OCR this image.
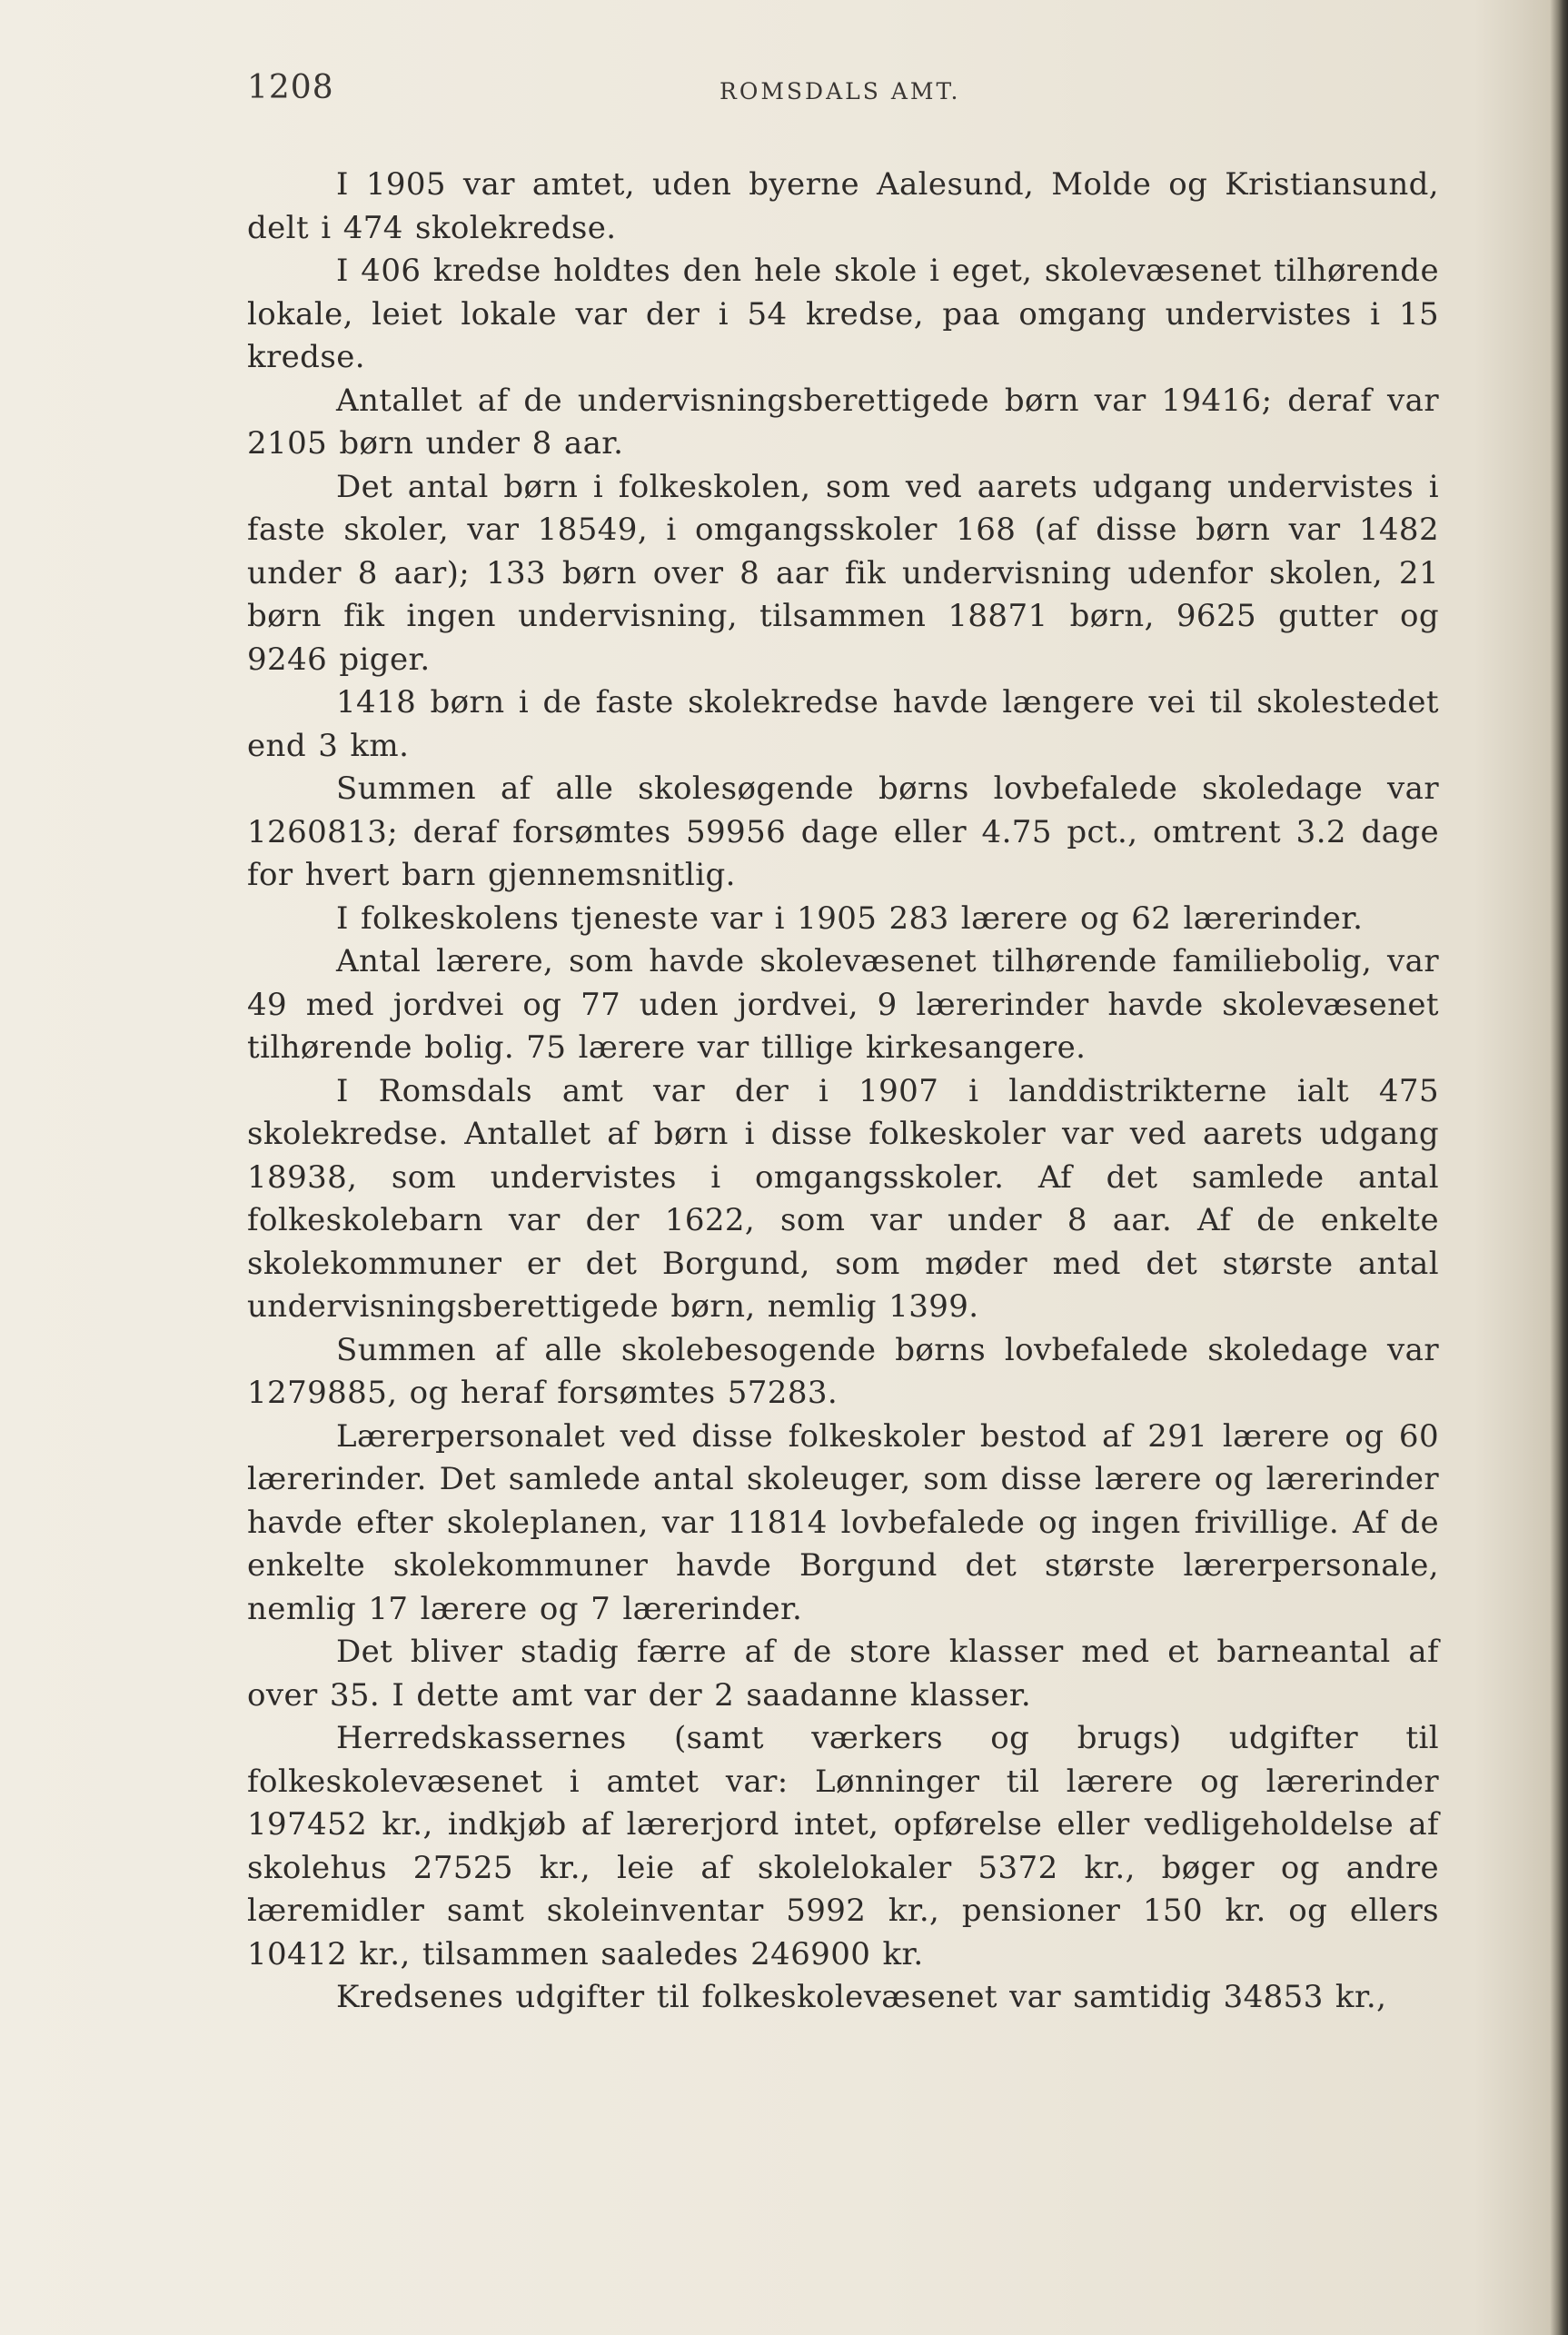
1208	ROMSDALS AMT.

I 1905 var amtet, uden byerne Aalesund, Molde og Kristiansund, delt i 474 skolekredse.

I 406 kredse holdtes den hele skole i eget, skolevæsenet tilhørende lokale, leiet lokale var der i 54 kredse, paa omgang undervistes i 15 kredse.

Antallet af de undervisningsberettigede børn var 19416; deraf var 2105 børn under 8 aar.

Det antal børn i folkeskolen, som ved aarets udgang undervistes i faste skoler, var 18549, i omgangsskoler 168 (af disse børn var 1482 under 8 aar); 133 børn over 8 aar fik undervisning udenfor skolen, 21 børn fik ingen undervisning, tilsammen 18871 børn, 9625 gutter og 9246 piger.

1418 børn i de faste skolekredse havde længere vei til skolestedet end 3 km.

Summen af alle skolesøgende børns lovbefalede skoledage var 1260813; deraf forsømtes 59956 dage eller 4.75 pct., omtrent 3.2 dage for hvert barn gjennemsnitlig.

I folkeskolens tjeneste var i 1905 283 lærere og 62 lærerinder.

Antal lærere, som havde skolevæsenet tilhørende familiebolig, var 49 med jordvei og 77 uden jordvei, 9 lærerinder havde skolevæsenet tilhørende bolig. 75 lærere var tillige kirkesangere.

I Romsdals amt var der i 1907 i landdistrikterne ialt 475 skolekredse. Antallet af børn i disse folkeskoler var ved aarets udgang 18938, som undervistes i omgangsskoler. Af det samlede antal folkeskolebarn var der 1622, som var under 8 aar. Af de enkelte skolekommuner er det Borgund, som møder med det største antal undervisningsberettigede børn, nemlig 1399.

Summen af alle skolebesogende børns lovbefalede skoledage var 1279885, og heraf forsømtes 57283.

Lærerpersonalet ved disse folkeskoler bestod af 291 lærere og 60 lærerinder. Det samlede antal skoleuger, som disse lærere og lærerinder havde efter skoleplanen, var 11814 lovbefalede og ingen frivillige. Af de enkelte skolekommuner havde Borgund det største lærerpersonale, nemlig 17 lærere og 7 lærerinder.

Det bliver stadig færre af de store klasser med et barneantal af over 35. I dette amt var der 2 saadanne klasser.

Herredskassernes (samt værkers og brugs) udgifter til folkeskolevæsenet i amtet var: Lønninger til lærere og lærerinder 197452 kr., indkjøb af lærerjord intet, opførelse eller vedligeholdelse af skolehus 27525 kr., leie af skolelokaler 5372 kr., bøger og andre læremidler samt skoleinventar 5992 kr., pensioner 150 kr. og ellers 10412 kr., tilsammen saaledes 246900 kr.

Kredsenes udgifter til folkeskolevæsenet var samtidig 34853 kr.,
